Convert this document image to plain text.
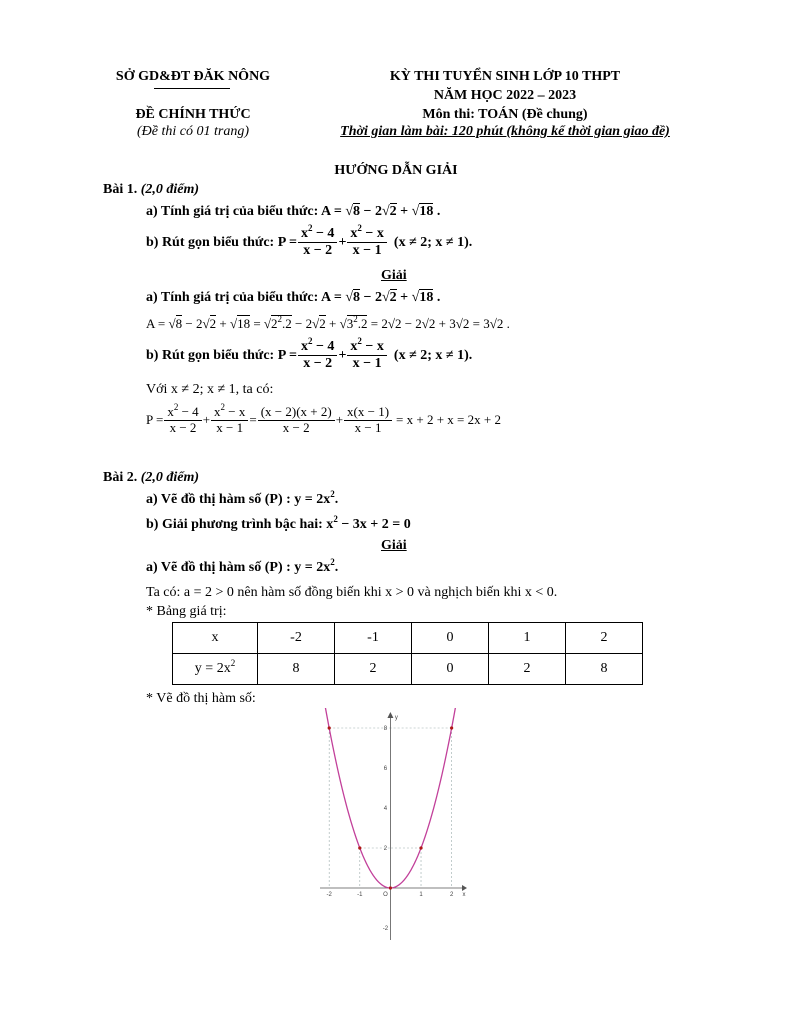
SỞ GD&ĐT ĐĂK NÔNG
ĐỀ CHÍNH THỨC
(Đề thi có 01 trang)
KỲ THI TUYỂN SINH LỚP 10 THPT
NĂM HỌC 2022 – 2023
Môn thi: TOÁN (Đề chung)
Thời gian làm bài: 120 phút (không kể thời gian giao đề)
HƯỚNG DẪN GIẢI
Bài 1. (2,0 điểm)
a) Tính giá trị của biểu thức: A = √8 − 2√2 + √18 .
b) Rút gọn biểu thức: $P = \frac{x^2 - 4}{x - 2} + \frac{x^2 - x}{x - 1} (x \ne 2$; x ≠ 1).
Giải
a) Tính giá trị của biểu thức: A = √8 − 2√2 + √18 .
$A = √8 - 2√2 + √18 = √2^2.2 - 2√2 + √3^2.2 = 2√2 - 2√2 + 3√2 = 3√2$ .
b) Rút gọn biểu thức: $P = \frac{x^2 - 4}{x - 2} + \frac{x^2 - x}{x - 1} (x \ne 2$; x ≠ 1).
Với x ≠ 2; x ≠ 1, ta có:
$P = \frac{x^2 - 4}{x - 2} + \frac{x^2 - x}{x - 1} = \frac{(x - 2)(x + 2)}{x - 2} + \frac{x(x - 1)}{x - 1} = x + 2 + x = 2x + 2$
Bài 2. (2,0 điểm)
a) Vẽ đồ thị hàm số (P) : $y = 2x^2$.
b) Giải phương trình bậc hai: $x^2 - 3x + 2 = 0$
Giải
a) Vẽ đồ thị hàm số (P) : $y = 2x^2$.
Ta có: a = 2 > 0 nên hàm số đồng biến khi x > 0 và nghịch biến khi x < 0.
* Bảng giá trị:
x	-2	-1	0	1	2
$y = 2x^2$	8	2	0	2	8
* Vẽ đồ thị hàm số:
-2	-1	1	2
8
6
4
2
-2
O	x
y
